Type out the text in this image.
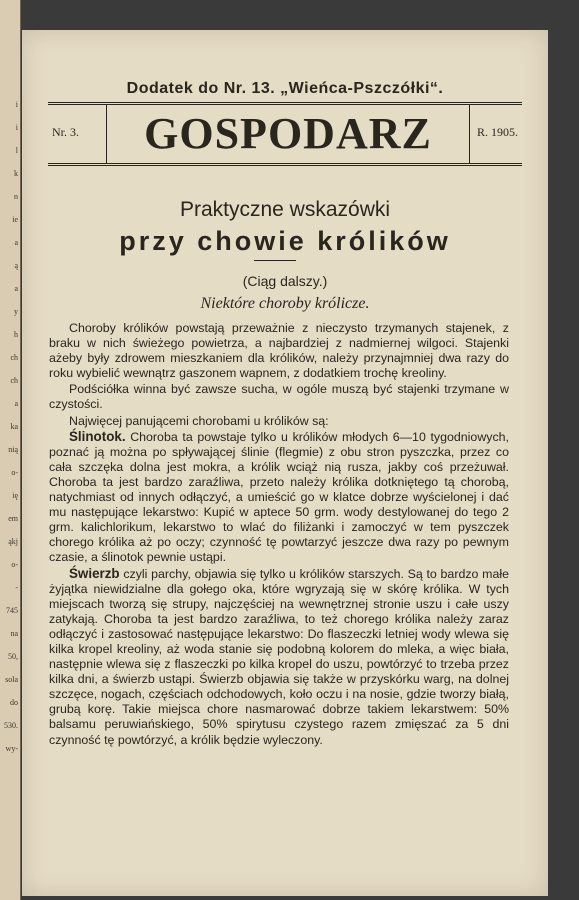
i
i
l
k
n
ie
a
ą
a
y
h
ch
ch
a
ka
nią
o-
ię
em
ąkj
o-
-
745
na
50,
sola
do
530.
wy-
Dodatek do Nr. 13. „Wieńca-Pszczółki“.
Nr. 3.	GOSPODARZ	R. 1905.
Praktyczne wskazówki
przy chowie królików
(Ciąg dalszy.)
Niektóre choroby królicze.

Choroby królików powstają przeważnie z nieczysto trzymanych stajenek, z braku w nich świeżego powietrza, a najbardziej z nadmiernej wilgoci. Stajenki ażeby były zdrowem mieszkaniem dla królików, należy przynajmniej dwa razy do roku wybielić wewnątrz gaszonem wapnem, z dodatkiem trochę kreoliny.

Podściółka winna być zawsze sucha, w ogóle muszą być stajenki trzymane w czystości.

Najwięcej panującemi chorobami u królików są:

Ślinotok. Choroba ta powstaje tylko u królików młodych 6—10 tygodniowych, poznać ją można po spływającej ślinie (flegmie) z obu stron pyszczka, przez co cała szczęka dolna jest mokra, a królik wciąż nią rusza, jakby coś przeżuwał. Choroba ta jest bardzo zaraźliwa, przeto należy królika dotkniętego tą chorobą, natychmiast od innych odłączyć, a umieścić go w klatce dobrze wyścielonej i dać mu następujące lekarstwo: Kupić w aptece 50 grm. wody destylowanej do tego 2 grm. kalichlorikum, lekarstwo to wlać do filiżanki i zamoczyć w tem pyszczek chorego królika aż po oczy; czynność tę powtarzyć jeszcze dwa razy po pewnym czasie, a ślinotok pewnie ustąpi.

Świerzb czyli parchy, objawia się tylko u królików starszych. Są to bardzo małe żyjątka niewidzialne dla gołego oka, które wgryzają się w skórę królika. W tych miejscach tworzą się strupy, najczęściej na wewnętrznej stronie uszu i całe uszy zatykają. Choroba ta jest bardzo zaraźliwa, to też chorego królika należy zaraz odłączyć i zastosować następujące lekarstwo: Do flaszeczki letniej wody wlewa się kilka kropel kreoliny, aż woda stanie się podobną kolorem do mleka, a więc biała, następnie wlewa się z flaszeczki po kilka kropel do uszu, powtórzyć to trzeba przez kilka dni, a świerzb ustąpi. Świerzb objawia się także w przyskórku warg, na dolnej szczęce, nogach, częściach odchodowych, koło oczu i na nosie, gdzie tworzy białą, grubą korę. Takie miejsca chore nasmarować dobrze takiem lekarstwem: 50% balsamu peruwiańskiego, 50% spirytusu czystego razem zmięszać za 5 dni czynność tę powtórzyć, a królik będzie wyleczony.
